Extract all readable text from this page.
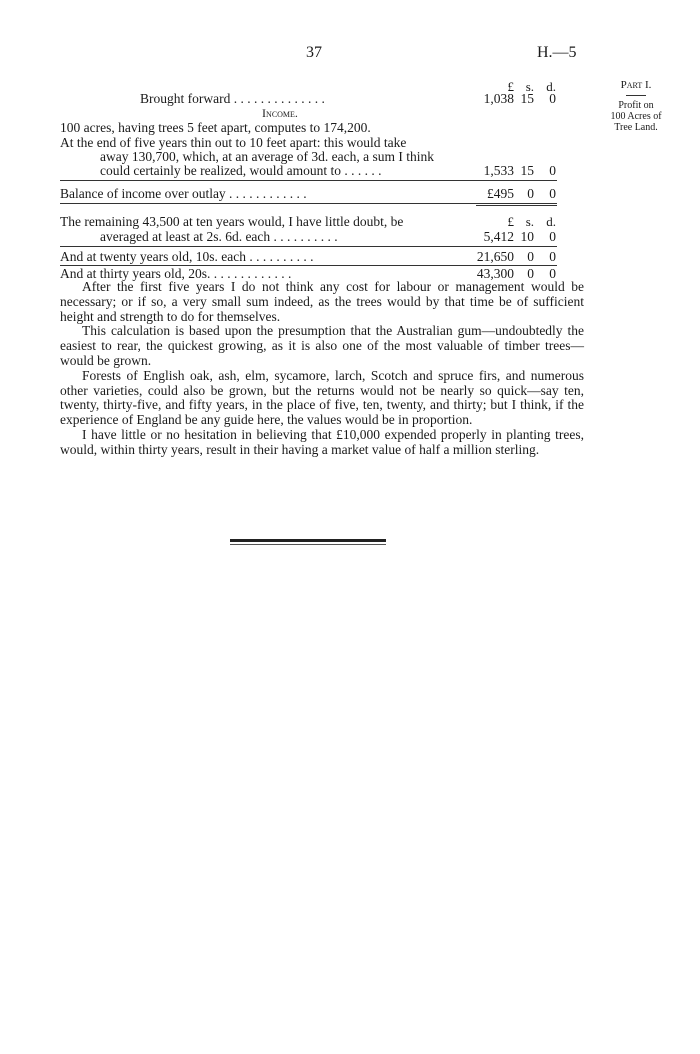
37	H.—5
Part I.
Profit on
100 Acres of
Tree Land.
£ s. d.
Brought forward . . . . . . . . . . . . . .	1,038 15	0
Income.
100 acres, having trees 5 feet apart, computes to 174,200.
At the end of five years thin out to 10 feet apart: this would take
away 130,700, which, at an average of 3d. each, a sum I think
could certainly be realized, would amount to . . . . . .	1,533 15	0
Balance of income over outlay . . . . . . . . . . . .	£495 0	0
The remaining 43,500 at ten years would, I have little doubt, be	£ s. d.
averaged at least at 2s. 6d. each . . . . . . . . . .	5,412 10	0
And at twenty years old, 10s. each . . . . . . . . . .	21,650 0	0
And at thirty years old, 20s. . . . . . . . . . . . .	43,300 0	0

After the first five years I do not think any cost for labour or management would be necessary; or if so, a very small sum indeed, as the trees would by that time be of sufficient height and strength to do for themselves.

This calculation is based upon the presumption that the Australian gum—undoubtedly the easiest to rear, the quickest growing, as it is also one of the most valuable of timber trees—would be grown.

Forests of English oak, ash, elm, sycamore, larch, Scotch and spruce firs, and numerous other varieties, could also be grown, but the returns would not be nearly so quick—say ten, twenty, thirty-five, and fifty years, in the place of five, ten, twenty, and thirty; but I think, if the experience of England be any guide here, the values would be in proportion.

I have little or no hesitation in believing that £10,000 expended properly in planting trees, would, within thirty years, result in their having a market value of half a million sterling.
